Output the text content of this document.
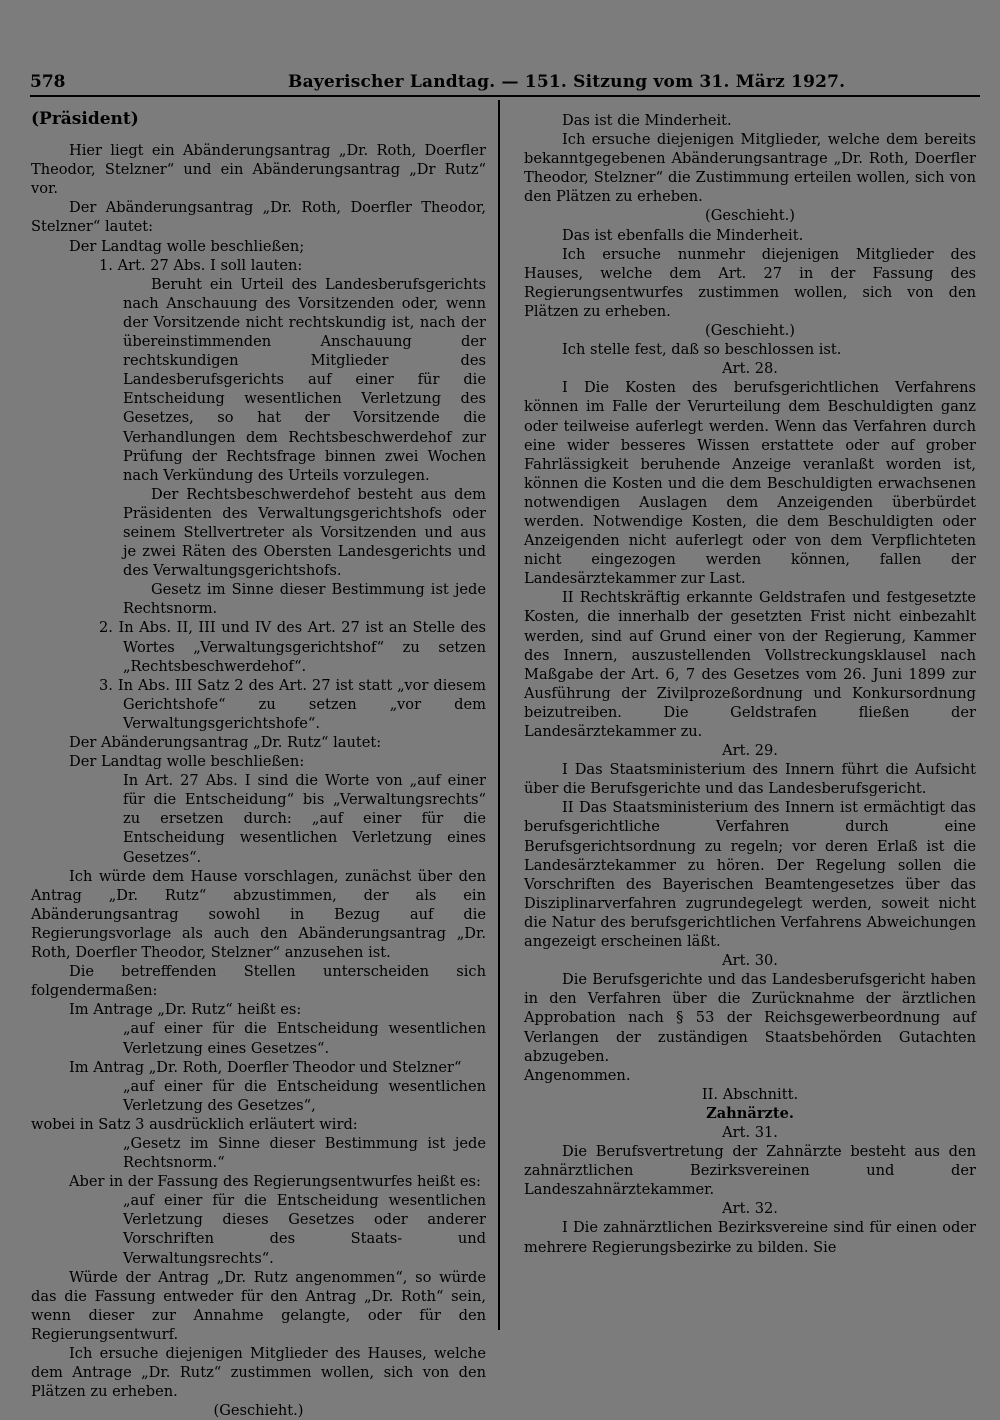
578	Bayerischer Landtag. — 151. Sitzung vom 31. März 1927.

(Präsident)

Hier liegt ein Abänderungsantrag „Dr. Roth, Doerfler Theodor, Stelzner“ und ein Abänderungsantrag „Dr Rutz“ vor.

Der Abänderungsantrag „Dr. Roth, Doerfler Theodor, Stelzner“ lautet:

Der Landtag wolle beschließen;

1. Art. 27 Abs. I soll lauten:

Beruht ein Urteil des Landesberufsgerichts nach Anschauung des Vorsitzenden oder, wenn der Vorsitzende nicht rechtskundig ist, nach der übereinstimmenden Anschauung der rechtskundigen Mitglieder des Landesberufsgerichts auf einer für die Entscheidung wesentlichen Verletzung des Gesetzes, so hat der Vorsitzende die Verhandlungen dem Rechtsbeschwerdehof zur Prüfung der Rechtsfrage binnen zwei Wochen nach Verkündung des Urteils vorzulegen.

Der Rechtsbeschwerdehof besteht aus dem Präsidenten des Verwaltungsgerichtshofs oder seinem Stellvertreter als Vorsitzenden und aus je zwei Räten des Obersten Landesgerichts und des Verwaltungsgerichtshofs.

Gesetz im Sinne dieser Bestimmung ist jede Rechtsnorm.

2. In Abs. II, III und IV des Art. 27 ist an Stelle des Wortes „Verwaltungsgerichtshof“ zu setzen „Rechtsbeschwerdehof“.

3. In Abs. III Satz 2 des Art. 27 ist statt „vor diesem Gerichtshofe“ zu setzen „vor dem Verwaltungsgerichtshofe“.

Der Abänderungsantrag „Dr. Rutz“ lautet:

Der Landtag wolle beschließen:

In Art. 27 Abs. I sind die Worte von „auf einer für die Entscheidung“ bis „Verwaltungsrechts“ zu ersetzen durch: „auf einer für die Entscheidung wesentlichen Verletzung eines Gesetzes“.

Ich würde dem Hause vorschlagen, zunächst über den Antrag „Dr. Rutz“ abzustimmen, der als ein Abänderungsantrag sowohl in Bezug auf die Regierungsvorlage als auch den Abänderungsantrag „Dr. Roth, Doerfler Theodor, Stelzner“ anzusehen ist.

Die betreffenden Stellen unterscheiden sich folgendermaßen:

Im Antrage „Dr. Rutz“ heißt es:

„auf einer für die Entscheidung wesentlichen Verletzung eines Gesetzes“.

Im Antrag „Dr. Roth, Doerfler Theodor und Stelzner“

„auf einer für die Entscheidung wesentlichen Verletzung des Gesetzes“,

wobei in Satz 3 ausdrücklich erläutert wird:

„Gesetz im Sinne dieser Bestimmung ist jede Rechtsnorm.“

Aber in der Fassung des Regierungsentwurfes heißt es:

„auf einer für die Entscheidung wesentlichen Verletzung dieses Gesetzes oder anderer Vorschriften des Staats- und Verwaltungsrechts“.

Würde der Antrag „Dr. Rutz angenommen“, so würde das die Fassung entweder für den Antrag „Dr. Roth“ sein, wenn dieser zur Annahme gelangte, oder für den Regierungsentwurf.

Ich ersuche diejenigen Mitglieder des Hauses, welche dem Antrage „Dr. Rutz“ zustimmen wollen, sich von den Plätzen zu erheben.

(Geschieht.)

Das ist die Minderheit.

Ich ersuche diejenigen Mitglieder, welche dem bereits bekanntgegebenen Abänderungsantrage „Dr. Roth, Doerfler Theodor, Stelzner“ die Zustimmung erteilen wollen, sich von den Plätzen zu erheben.

(Geschieht.)

Das ist ebenfalls die Minderheit.

Ich ersuche nunmehr diejenigen Mitglieder des Hauses, welche dem Art. 27 in der Fassung des Regierungsentwurfes zustimmen wollen, sich von den Plätzen zu erheben.

(Geschieht.)

Ich stelle fest, daß so beschlossen ist.

Art. 28.

I Die Kosten des berufsgerichtlichen Verfahrens können im Falle der Verurteilung dem Beschuldigten ganz oder teilweise auferlegt werden. Wenn das Verfahren durch eine wider besseres Wissen erstattete oder auf grober Fahrlässigkeit beruhende Anzeige veranlaßt worden ist, können die Kosten und die dem Beschuldigten erwachsenen notwendigen Auslagen dem Anzeigenden überbürdet werden. Notwendige Kosten, die dem Beschuldigten oder Anzeigenden nicht auferlegt oder von dem Verpflichteten nicht eingezogen werden können, fallen der Landesärztekammer zur Last.

II Rechtskräftig erkannte Geldstrafen und festgesetzte Kosten, die innerhalb der gesetzten Frist nicht einbezahlt werden, sind auf Grund einer von der Regierung, Kammer des Innern, auszustellenden Vollstreckungsklausel nach Maßgabe der Art. 6, 7 des Gesetzes vom 26. Juni 1899 zur Ausführung der Zivilprozeßordnung und Konkursordnung beizutreiben. Die Geldstrafen fließen der Landesärztekammer zu.

Art. 29.

I Das Staatsministerium des Innern führt die Aufsicht über die Berufsgerichte und das Landesberufsgericht.

II Das Staatsministerium des Innern ist ermächtigt das berufsgerichtliche Verfahren durch eine Berufsgerichtsordnung zu regeln; vor deren Erlaß ist die Landesärztekammer zu hören. Der Regelung sollen die Vorschriften des Bayerischen Beamtengesetzes über das Disziplinarverfahren zugrundegelegt werden, soweit nicht die Natur des berufsgerichtlichen Verfahrens Abweichungen angezeigt erscheinen läßt.

Art. 30.

Die Berufsgerichte und das Landesberufsgericht haben in den Verfahren über die Zurücknahme der ärztlichen Approbation nach § 53 der Reichsgewerbeordnung auf Verlangen der zuständigen Staatsbehörden Gutachten abzugeben.

Angenommen.

II. Abschnitt.

Zahnärzte.

Art. 31.

Die Berufsvertretung der Zahnärzte besteht aus den zahnärztlichen Bezirksvereinen und der Landeszahnärztekammer.

Art. 32.

I Die zahnärztlichen Bezirksvereine sind für einen oder mehrere Regierungsbezirke zu bilden. Sie
